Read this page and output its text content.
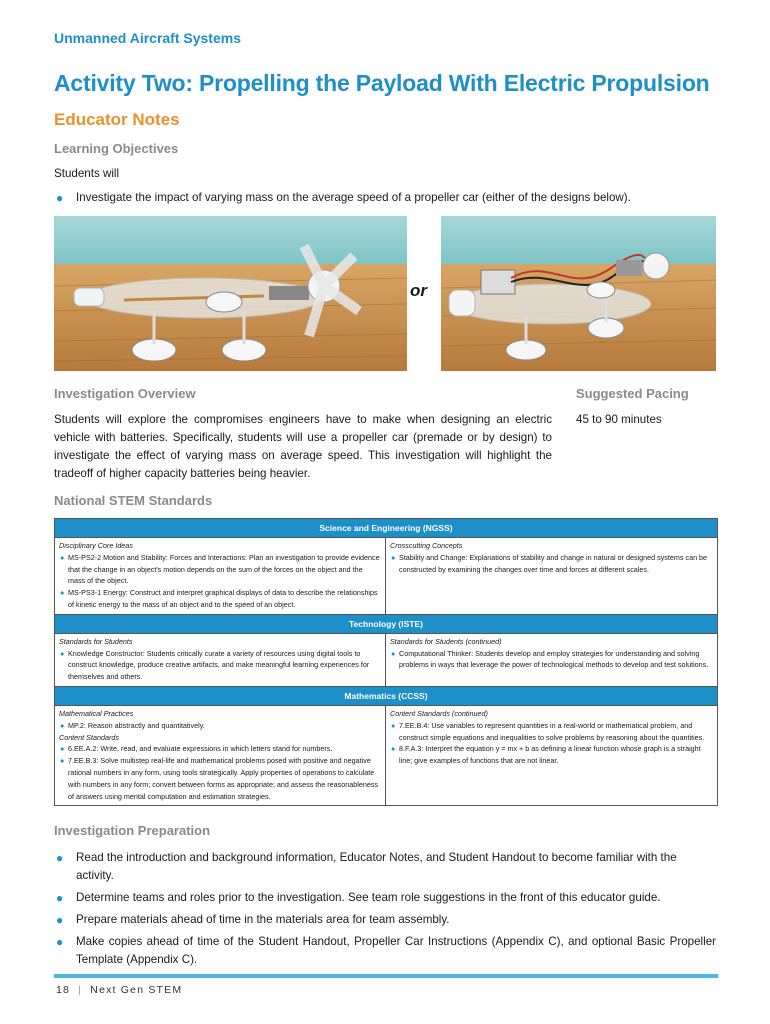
Unmanned Aircraft Systems
Activity Two: Propelling the Payload With Electric Propulsion
Educator Notes
Learning Objectives
Students will
● Investigate the impact of varying mass on the average speed of a propeller car (either of the designs below).
or
Investigation Overview
Students will explore the compromises engineers have to make when designing an electric vehicle with batteries. Specifically, students will use a propeller car (premade or by design) to investigate the effect of varying mass on average speed. This investigation will highlight the tradeoff of higher capacity batteries being heavier.
Suggested Pacing
45 to 90 minutes
National STEM Standards
Science and Engineering (NGSS)
Disciplinary Core Ideas
● MS-PS2-2 Motion and Stability: Forces and Interactions: Plan an investigation to provide evidence that the change in an object's motion depends on the sum of the forces on the object and the mass of the object.
● MS-PS3-1 Energy: Construct and interpret graphical displays of data to describe the relationships of kinetic energy to the mass of an object and to the speed of an object.
Crosscutting Concepts
● Stability and Change: Explanations of stability and change in natural or designed systems can be constructed by examining the changes over time and forces at different scales.
Technology (ISTE)
Standards for Students
● Knowledge Constructor: Students critically curate a variety of resources using digital tools to construct knowledge, produce creative artifacts, and make meaningful learning experiences for themselves and others.
Standards for Students (continued)
● Computational Thinker: Students develop and employ strategies for understanding and solving problems in ways that leverage the power of technological methods to develop and test solutions.
Mathematics (CCSS)
Mathematical Practices
● MP.2: Reason abstractly and quantitatively.
Content Standards
● 6.EE.A.2: Write, read, and evaluate expressions in which letters stand for numbers.
● 7.EE.B.3: Solve multistep real-life and mathematical problems posed with positive and negative rational numbers in any form, using tools strategically. Apply properties of operations to calculate with numbers in any form; convert between forms as appropriate; and assess the reasonableness of answers using mental computation and estimation strategies.
Content Standards (continued)
● 7.EE.B.4: Use variables to represent quantities in a real-world or mathematical problem, and construct simple equations and inequalities to solve problems by reasoning about the quantities.
● 8.F.A.3: Interpret the equation y = mx + b as defining a linear function whose graph is a straight line; give examples of functions that are not linear.
Investigation Preparation
● Read the introduction and background information, Educator Notes, and Student Handout to become familiar with the activity.
● Determine teams and roles prior to the investigation. See team role suggestions in the front of this educator guide.
● Prepare materials ahead of time in the materials area for team assembly.
● Make copies ahead of time of the Student Handout, Propeller Car Instructions (Appendix C), and optional Basic Propeller Template (Appendix C).
18 | Next Gen STEM
